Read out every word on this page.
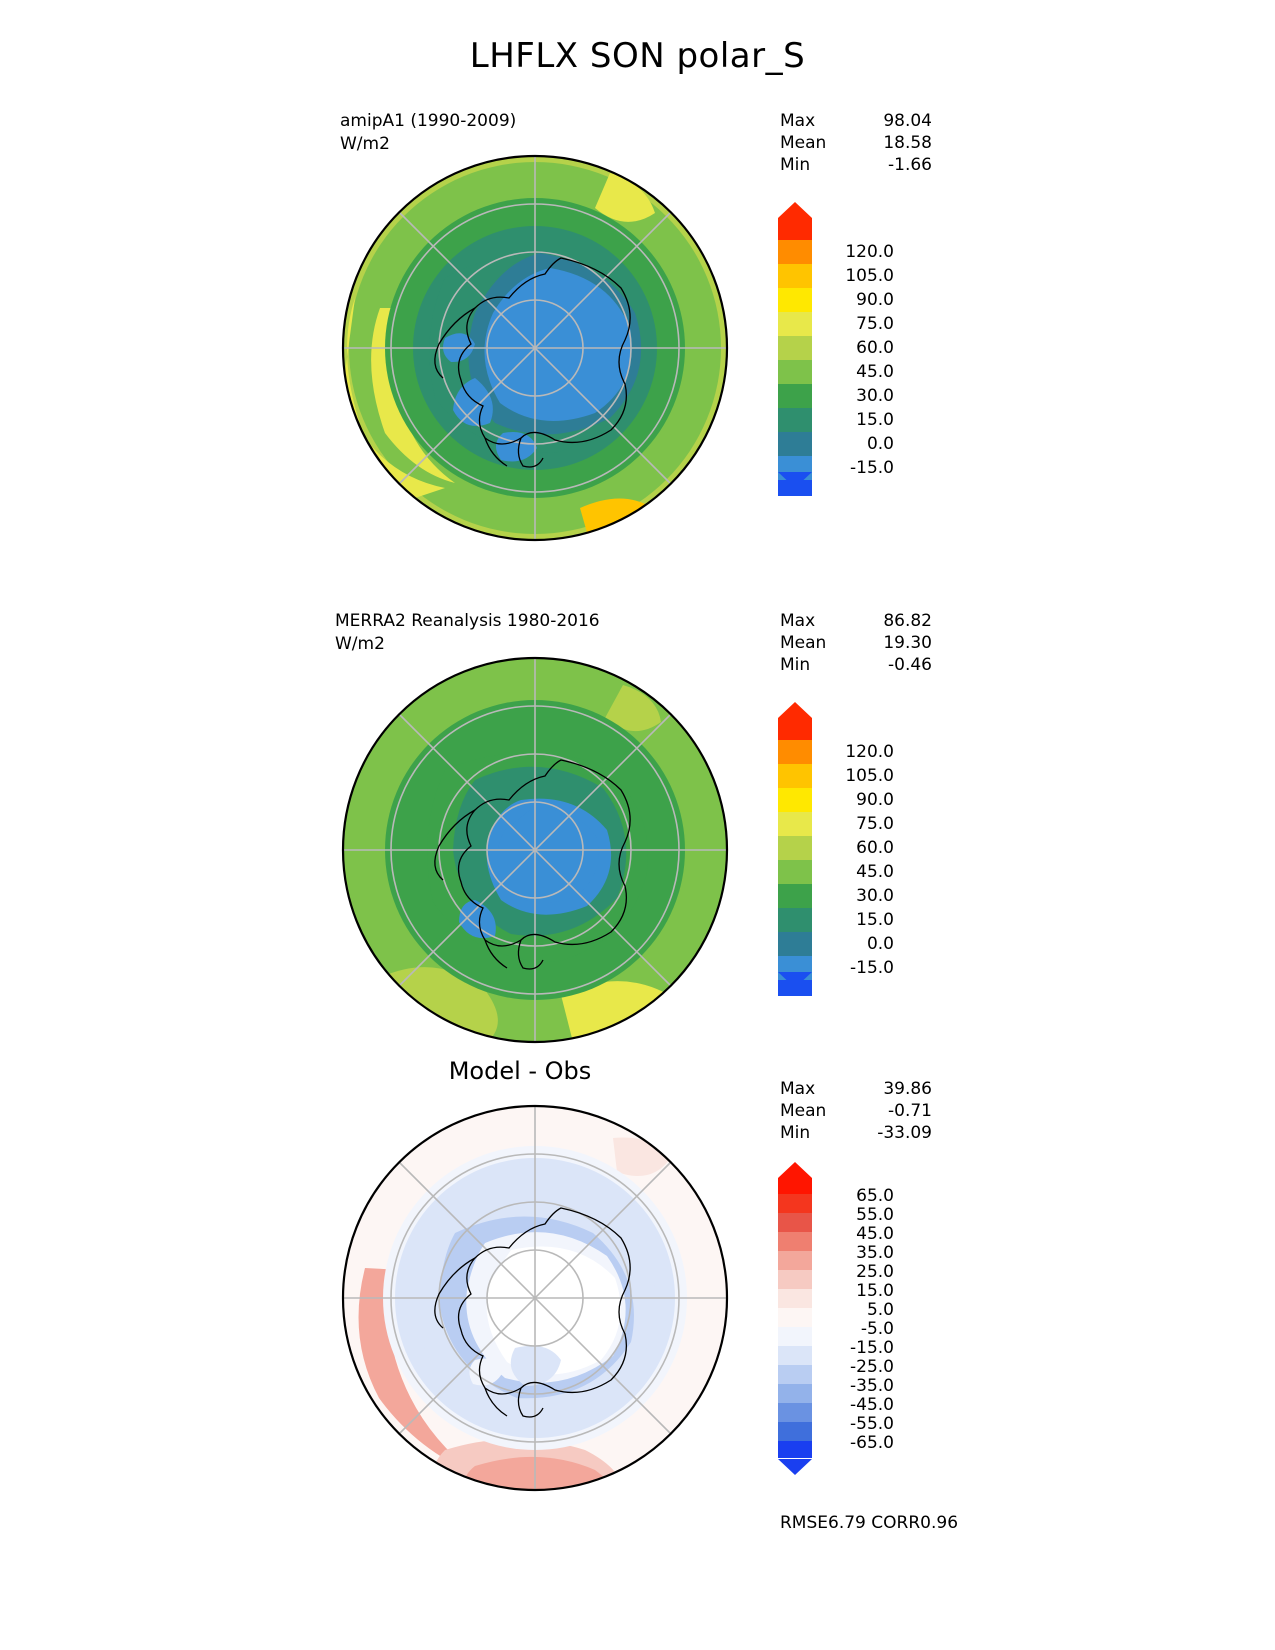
LHFLX SON polar_S
amipA1 (1990-2009)
W/m2
Max	98.04
Mean	18.58
Min	-1.66
120.0
105.0
90.0
75.0
60.0
45.0
30.0
15.0
0.0
-15.0
MERRA2 Reanalysis 1980-2016
W/m2
Max	86.82
Mean	19.30
Min	-0.46
120.0
105.0
90.0
75.0
60.0
45.0
30.0
15.0
0.0
-15.0
Model - Obs
Max	39.86
Mean	-0.71
Min	-33.09
65.0
55.0
45.0
35.0
25.0
15.0
5.0
-5.0
-15.0
-25.0
-35.0
-45.0
-55.0
-65.0
RMSE6.79 CORR0.96
